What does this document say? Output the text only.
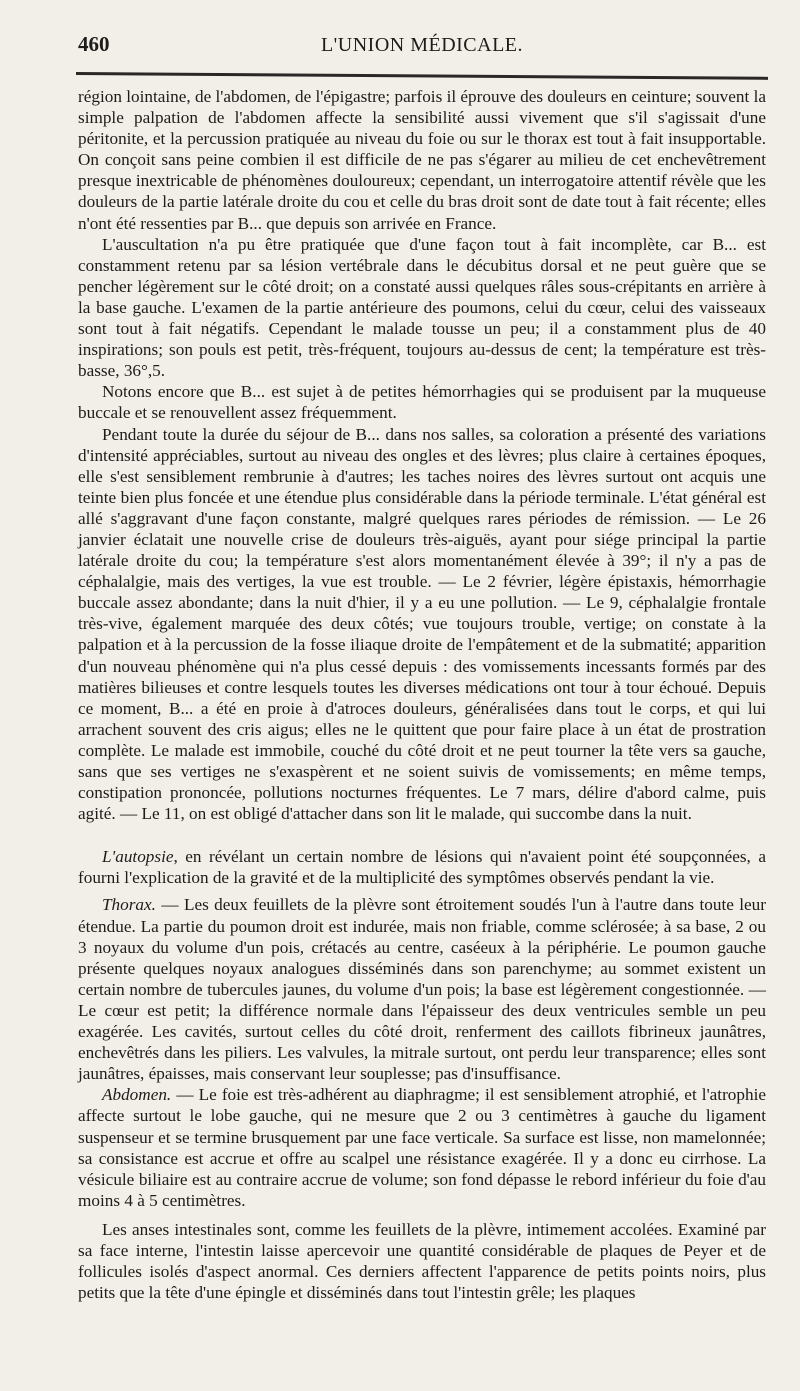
460	L'UNION MÉDICALE.

région lointaine, de l'abdomen, de l'épigastre; parfois il éprouve des douleurs en ceinture; souvent la simple palpation de l'abdomen affecte la sensibilité aussi vivement que s'il s'agissait d'une péritonite, et la percussion pratiquée au niveau du foie ou sur le thorax est tout à fait insupportable. On conçoit sans peine combien il est difficile de ne pas s'égarer au milieu de cet enchevêtrement presque inextricable de phénomènes douloureux; cependant, un interrogatoire attentif révèle que les douleurs de la partie latérale droite du cou et celle du bras droit sont de date tout à fait récente; elles n'ont été ressenties par B... que depuis son arrivée en France.

L'auscultation n'a pu être pratiquée que d'une façon tout à fait incomplète, car B... est constamment retenu par sa lésion vertébrale dans le décubitus dorsal et ne peut guère que se pencher légèrement sur le côté droit; on a constaté aussi quelques râles sous-crépitants en arrière à la base gauche. L'examen de la partie antérieure des poumons, celui du cœur, celui des vaisseaux sont tout à fait négatifs. Cependant le malade tousse un peu; il a constamment plus de 40 inspirations; son pouls est petit, très-fréquent, toujours au-dessus de cent; la température est très-basse, 36°,5.

Notons encore que B... est sujet à de petites hémorrhagies qui se produisent par la muqueuse buccale et se renouvellent assez fréquemment.

Pendant toute la durée du séjour de B... dans nos salles, sa coloration a présenté des variations d'intensité appréciables, surtout au niveau des ongles et des lèvres; plus claire à certaines époques, elle s'est sensiblement rembrunie à d'autres; les taches noires des lèvres surtout ont acquis une teinte bien plus foncée et une étendue plus considérable dans la période terminale. L'état général est allé s'aggravant d'une façon constante, malgré quelques rares périodes de rémission. — Le 26 janvier éclatait une nouvelle crise de douleurs très-aiguës, ayant pour siége principal la partie latérale droite du cou; la température s'est alors momentanément élevée à 39°; il n'y a pas de céphalalgie, mais des vertiges, la vue est trouble. — Le 2 février, légère épistaxis, hémorrhagie buccale assez abondante; dans la nuit d'hier, il y a eu une pollution. — Le 9, céphalalgie frontale très-vive, également marquée des deux côtés; vue toujours trouble, vertige; on constate à la palpation et à la percussion de la fosse iliaque droite de l'empâtement et de la submatité; apparition d'un nouveau phénomène qui n'a plus cessé depuis : des vomissements incessants formés par des matières bilieuses et contre lesquels toutes les diverses médications ont tour à tour échoué. Depuis ce moment, B... a été en proie à d'atroces douleurs, généralisées dans tout le corps, et qui lui arrachent souvent des cris aigus; elles ne le quittent que pour faire place à un état de prostration complète. Le malade est immobile, couché du côté droit et ne peut tourner la tête vers sa gauche, sans que ses vertiges ne s'exaspèrent et ne soient suivis de vomissements; en même temps, constipation prononcée, pollutions nocturnes fréquentes. Le 7 mars, délire d'abord calme, puis agité. — Le 11, on est obligé d'attacher dans son lit le malade, qui succombe dans la nuit.

L'autopsie, en révélant un certain nombre de lésions qui n'avaient point été soupçonnées, a fourni l'explication de la gravité et de la multiplicité des symptômes observés pendant la vie.

Thorax. — Les deux feuillets de la plèvre sont étroitement soudés l'un à l'autre dans toute leur étendue. La partie du poumon droit est indurée, mais non friable, comme sclérosée; à sa base, 2 ou 3 noyaux du volume d'un pois, crétacés au centre, caséeux à la périphérie. Le poumon gauche présente quelques noyaux analogues disséminés dans son parenchyme; au sommet existent un certain nombre de tubercules jaunes, du volume d'un pois; la base est légèrement congestionnée. — Le cœur est petit; la différence normale dans l'épaisseur des deux ventricules semble un peu exagérée. Les cavités, surtout celles du côté droit, renferment des caillots fibrineux jaunâtres, enchevêtrés dans les piliers. Les valvules, la mitrale surtout, ont perdu leur transparence; elles sont jaunâtres, épaisses, mais conservant leur souplesse; pas d'insuffisance.

Abdomen. — Le foie est très-adhérent au diaphragme; il est sensiblement atrophié, et l'atrophie affecte surtout le lobe gauche, qui ne mesure que 2 ou 3 centimètres à gauche du ligament suspenseur et se termine brusquement par une face verticale. Sa surface est lisse, non mamelonnée; sa consistance est accrue et offre au scalpel une résistance exagérée. Il y a donc eu cirrhose. La vésicule biliaire est au contraire accrue de volume; son fond dépasse le rebord inférieur du foie d'au moins 4 à 5 centimètres.

Les anses intestinales sont, comme les feuillets de la plèvre, intimement accolées. Examiné par sa face interne, l'intestin laisse apercevoir une quantité considérable de plaques de Peyer et de follicules isolés d'aspect anormal. Ces derniers affectent l'apparence de petits points noirs, plus petits que la tête d'une épingle et disséminés dans tout l'intestin grêle; les plaques
